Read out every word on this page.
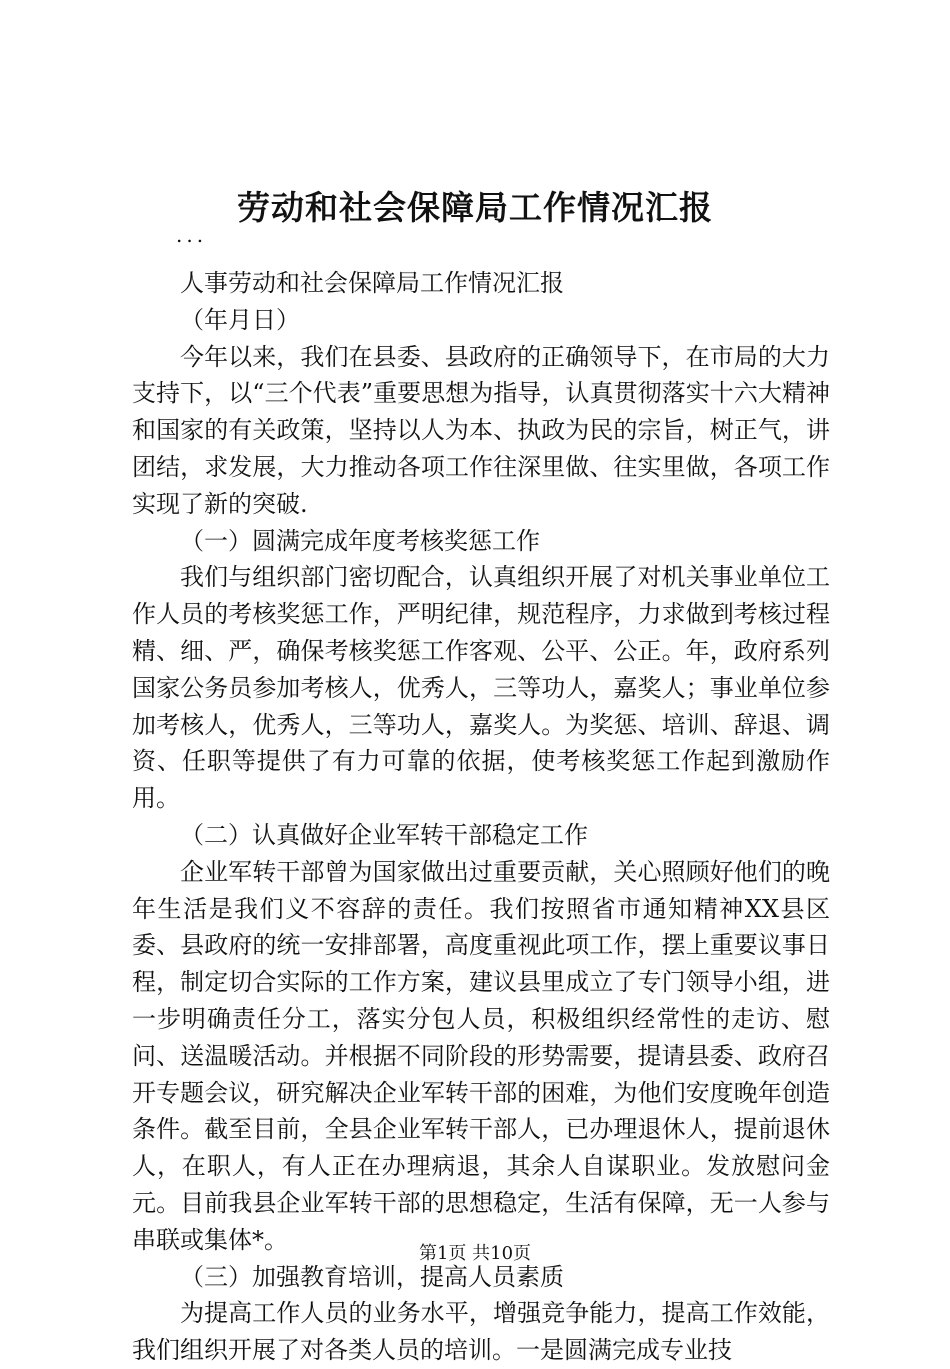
劳动和社会保障局工作情况汇报
...

人事劳动和社会保障局工作情况汇报

（年月日）

今年以来，我们在县委、县政府的正确领导下，在市局的大力支持下，以“三个代表”重要思想为指导，认真贯彻落实十六大精神和国家的有关政策，坚持以人为本、执政为民的宗旨，树正气，讲团结，求发展，大力推动各项工作往深里做、往实里做，各项工作实现了新的突破.

（一）圆满完成年度考核奖惩工作

我们与组织部门密切配合，认真组织开展了对机关事业单位工作人员的考核奖惩工作，严明纪律，规范程序，力求做到考核过程精、细、严，确保考核奖惩工作客观、公平、公正。年，政府系列国家公务员参加考核人，优秀人，三等功人，嘉奖人；事业单位参加考核人，优秀人，三等功人，嘉奖人。为奖惩、培训、辞退、调资、任职等提供了有力可靠的依据，使考核奖惩工作起到激励作用。

（二）认真做好企业军转干部稳定工作

企业军转干部曾为国家做出过重要贡献，关心照顾好他们的晚年生活是我们义不容辞的责任。我们按照省市通知精神XX县区委、县政府的统一安排部署，高度重视此项工作，摆上重要议事日程，制定切合实际的工作方案，建议县里成立了专门领导小组，进一步明确责任分工，落实分包人员，积极组织经常性的走访、慰问、送温暖活动。并根据不同阶段的形势需要，提请县委、政府召开专题会议，研究解决企业军转干部的困难，为他们安度晚年创造条件。截至目前，全县企业军转干部人，已办理退休人，提前退休人，在职人，有人正在办理病退，其余人自谋职业。发放慰问金元。目前我县企业军转干部的思想稳定，生活有保障，无一人参与串联或集体*。

（三）加强教育培训，提高人员素质

为提高工作人员的业务水平，增强竞争能力，提高工作效能，我们组织开展了对各类人员的培训。一是圆满完成专业技

第1页 共10页
